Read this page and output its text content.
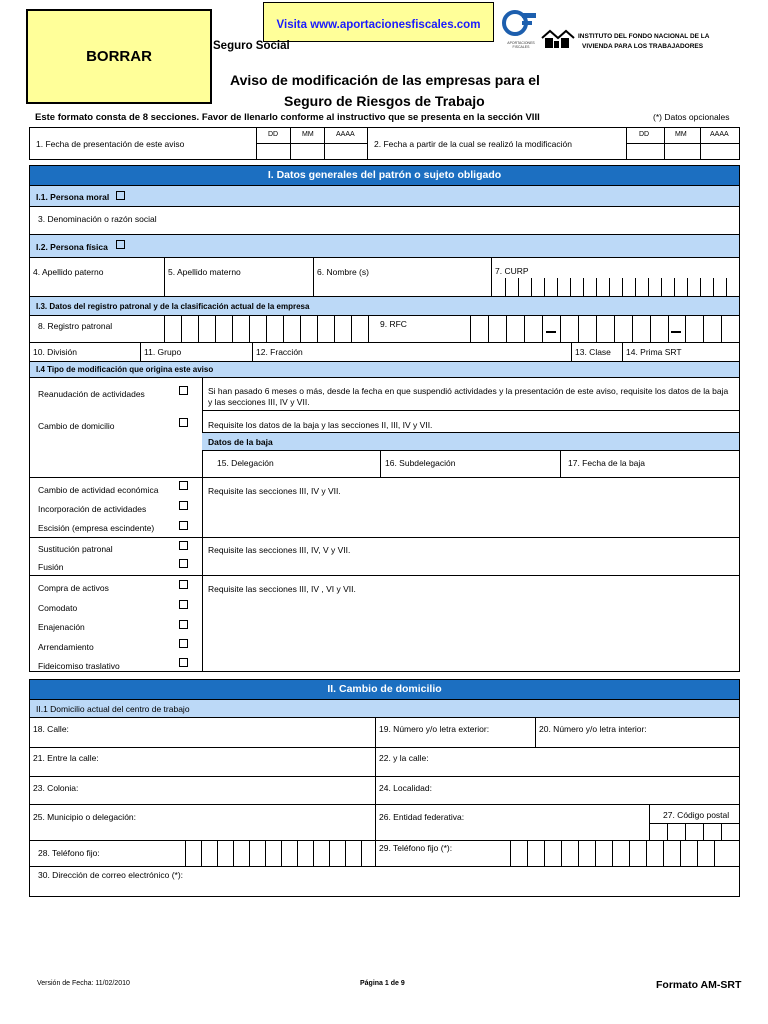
BORRAR
Visita www.aportacionesfiscales.com
APORTACIONES FISCALES
INSTITUTO DEL FONDO NACIONAL DE LA
VIVIENDA PARA LOS TRABAJADORES
Seguro Social
Aviso de modificación de las empresas para el
Seguro de Riesgos de Trabajo
Este formato consta de 8 secciones. Favor de llenarlo conforme al instructivo que se presenta en la sección VIII	(*) Datos opcionales
1. Fecha de presentación de este aviso
DD	MM	AAAA
2. Fecha a partir de la cual se realizó la modificación
DD	MM	AAAA
I. Datos generales del patrón o sujeto obligado
I.1. Persona moral
3. Denominación o razón social
I.2. Persona física
4. Apellido paterno	5. Apellido materno	6. Nombre (s)	7. CURP
I.3. Datos del registro patronal y de la clasificación actual de la empresa
8. Registro patronal	9. RFC
10. División	11. Grupo	12. Fracción	13. Clase 14. Prima SRT
I.4 Tipo de modificación que origina este aviso
Reanudación de actividades	Si han pasado 6 meses o más, desde la fecha en que suspendió actividades y la presentación de este aviso, requisite los datos de la baja y las secciones III, IV y VII.
Cambio de domicilio	Requisite los datos de la baja y las secciones II, III, IV y VII.
Datos de la baja
15. Delegación	16. Subdelegación	17. Fecha de la baja
Cambio de actividad económica
Incorporación de actividades
Escisión (empresa escindente)
Requisite las secciones III, IV y VII.
Sustitución patronal
Fusión
Requisite las secciones III, IV, V y VII.
Compra de activos
Comodato
Enajenación
Arrendamiento
Fideicomiso traslativo
Requisite las secciones III, IV , VI y VII.
II. Cambio de domicilio
II.1 Domicilio actual del centro de trabajo
18. Calle:	19. Número y/o letra exterior:	20. Número y/o letra interior:
21. Entre la calle:	22. y la calle:
23. Colonia:	24. Localidad:
25. Municipio o delegación:	26. Entidad federativa:	27. Código postal
28. Teléfono fijo:	29. Teléfono fijo (*):
30. Dirección de correo electrónico (*):
Versión de Fecha: 11/02/2010	Página 1 de 9	Formato AM-SRT
